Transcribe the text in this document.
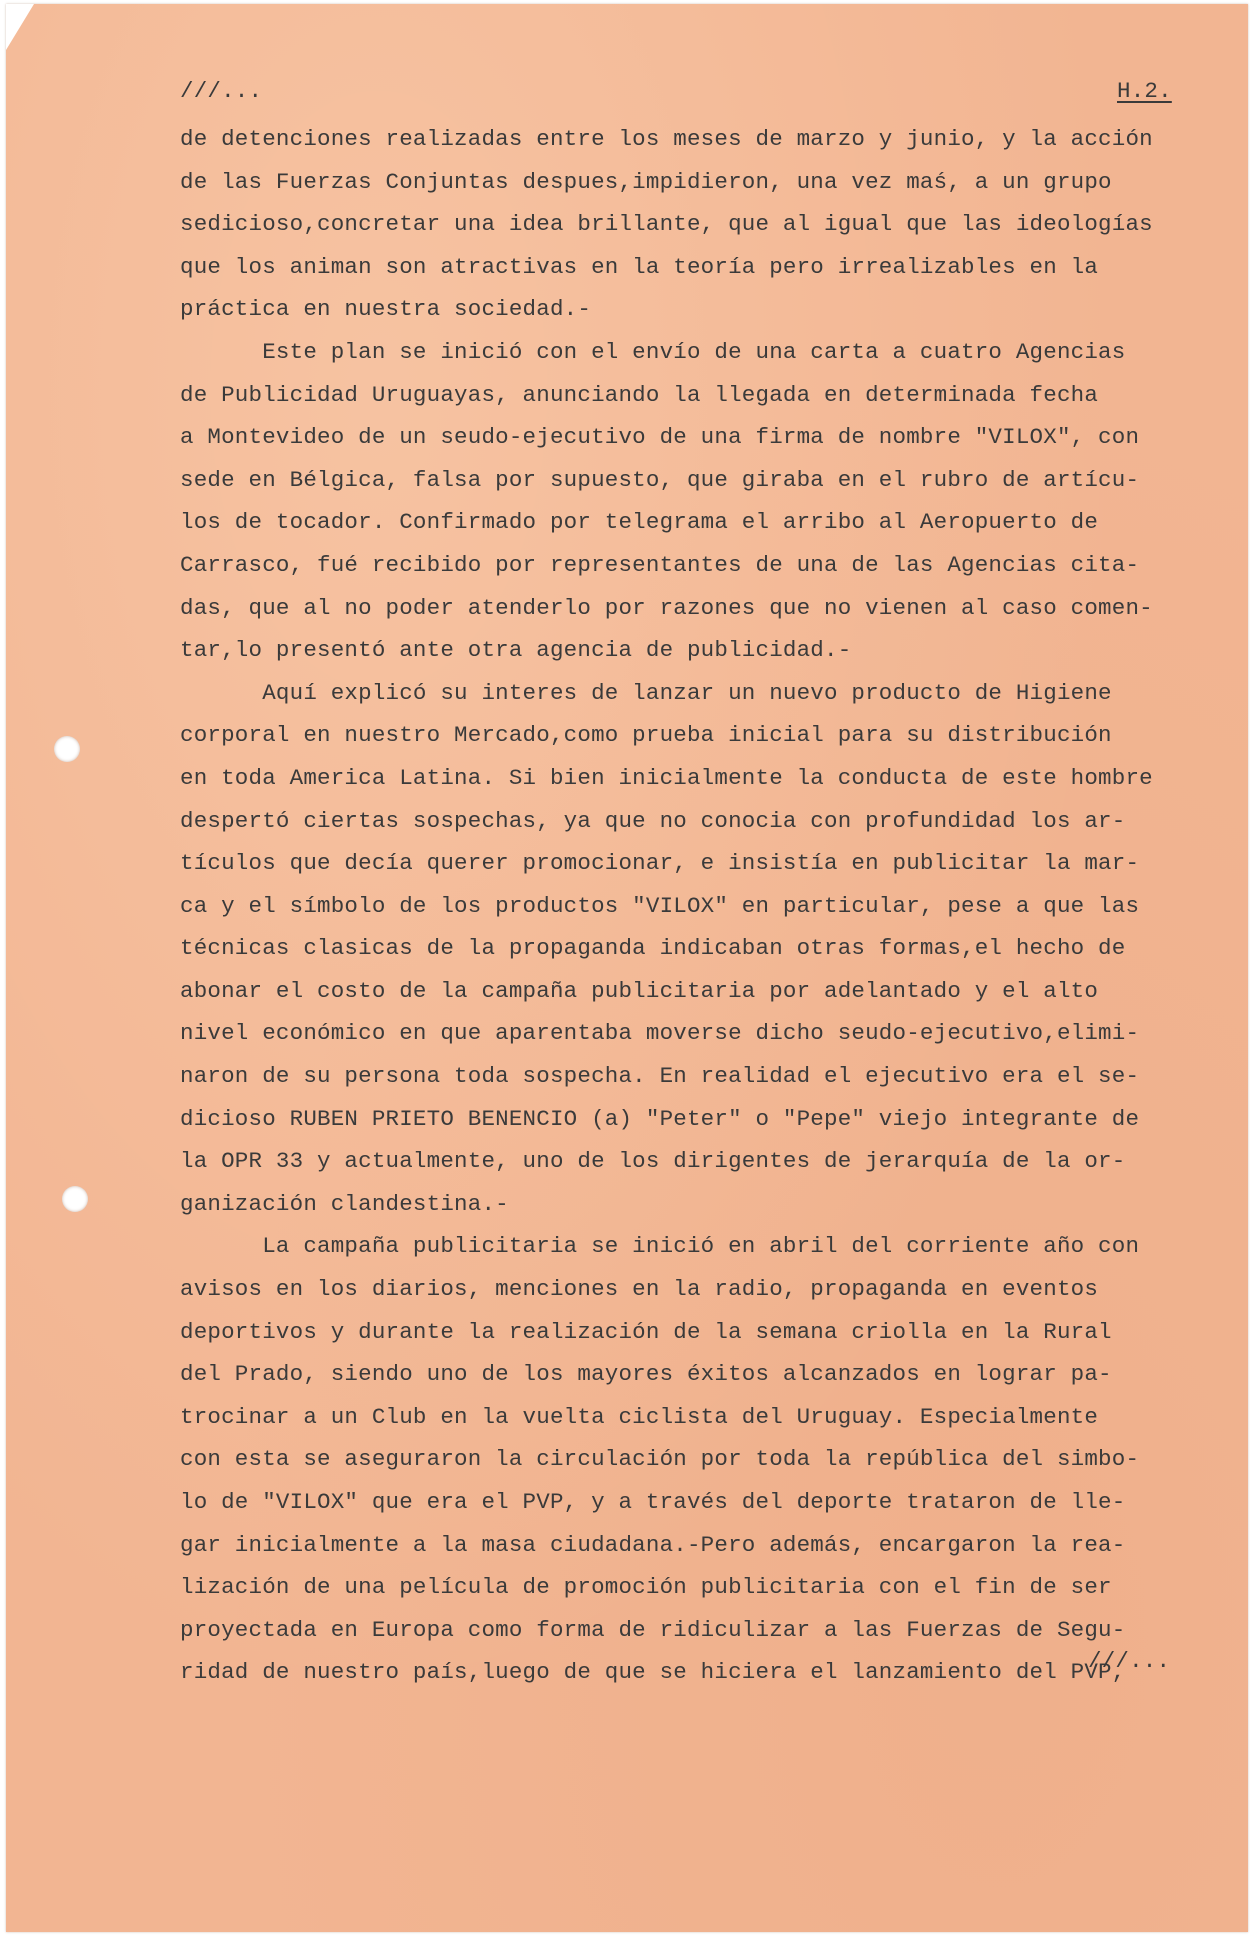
///...	H.2.
de detenciones realizadas entre los meses de marzo y junio, y la acción
de las Fuerzas Conjuntas despues,impidieron, una vez maś, a un grupo
sedicioso,concretar una idea brillante, que al igual que las ideologías
que los animan son atractivas en la teoría pero irrealizables en la
práctica en nuestra sociedad.-
Este plan se inició con el envío de una carta a cuatro Agencias
de Publicidad Uruguayas, anunciando la llegada en determinada fecha
a Montevideo de un seudo-ejecutivo de una firma de nombre "VILOX", con
sede en Bélgica, falsa por supuesto, que giraba en el rubro de artícu-
los de tocador. Confirmado por telegrama el arribo al Aeropuerto de
Carrasco, fué recibido por representantes de una de las Agencias cita-
das, que al no poder atenderlo por razones que no vienen al caso comen-
tar,lo presentó ante otra agencia de publicidad.-
Aquí explicó su interes de lanzar un nuevo producto de Higiene
corporal en nuestro Mercado,como prueba inicial para su distribución
en toda America Latina. Si bien inicialmente la conducta de este hombre
despertó ciertas sospechas, ya que no conocia con profundidad los ar-
tículos que decía querer promocionar, e insistía en publicitar la mar-
ca y el símbolo de los productos "VILOX" en particular, pese a que las
técnicas clasicas de la propaganda indicaban otras formas,el hecho de
abonar el costo de la campaña publicitaria por adelantado y el alto
nivel económico en que aparentaba moverse dicho seudo-ejecutivo,elimi-
naron de su persona toda sospecha. En realidad el ejecutivo era el se-
dicioso RUBEN PRIETO BENENCIO (a) "Peter" o "Pepe" viejo integrante de
la OPR 33 y actualmente, uno de los dirigentes de jerarquía de la or-
ganización clandestina.-
La campaña publicitaria se inició en abril del corriente año con
avisos en los diarios, menciones en la radio, propaganda en eventos
deportivos y durante la realización de la semana criolla en la Rural
del Prado, siendo uno de los mayores éxitos alcanzados en lograr pa-
trocinar a un Club en la vuelta ciclista del Uruguay. Especialmente
con esta se aseguraron la circulación por toda la república del simbo-
lo de "VILOX" que era el PVP, y a través del deporte trataron de lle-
gar inicialmente a la masa ciudadana.-Pero además, encargaron la rea-
lización de una película de promoción publicitaria con el fin de ser
proyectada en Europa como forma de ridiculizar a las Fuerzas de Segu-
ridad de nuestro país,luego de que se hiciera el lanzamiento del PVP,
///...
